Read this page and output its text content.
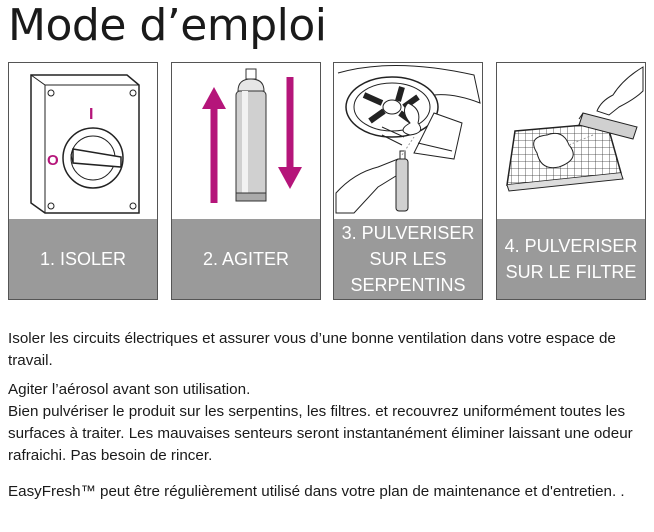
Mode d’emploi
I
O
1. ISOLER	2. AGITER
3. PULVERISER SUR LES SERPENTINS
4. PULVERISER SUR LE FILTRE

Isoler les circuits électriques et assurer vous d’une bonne ventilation dans votre espace de travail.

Agiter l’aérosol avant son utilisation.
Bien pulvériser le produit sur les serpentins, les filtres. et recouvrez uniformément toutes les surfaces à traiter. Les mauvaises senteurs seront instantanément éliminer laissant une odeur rafraichi. Pas besoin de rincer.

EasyFresh™ peut être régulièrement utilisé dans votre plan de maintenance et d'entretien. .
